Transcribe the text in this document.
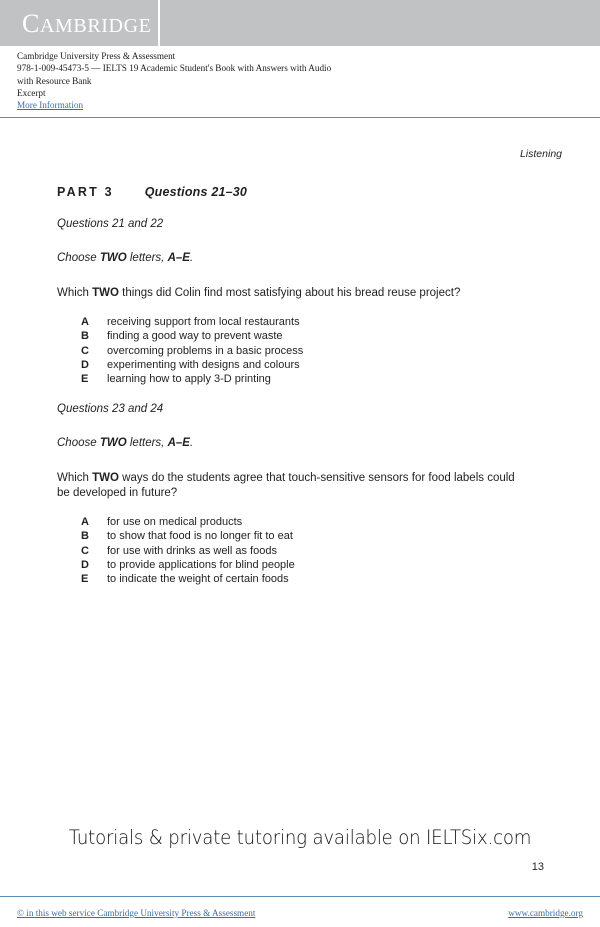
CAMBRIDGE
Cambridge University Press & Assessment
978-1-009-45473-5 — IELTS 19 Academic Student's Book with Answers with Audio
with Resource Bank
Excerpt
More Information
Listening
PART 3 Questions 21–30
Questions 21 and 22
Choose TWO letters, A–E.
Which TWO things did Colin find most satisfying about his bread reuse project?
A	receiving support from local restaurants
B	finding a good way to prevent waste
C	overcoming problems in a basic process
D	experimenting with designs and colours
E	learning how to apply 3-D printing
Questions 23 and 24
Choose TWO letters, A–E.
Which TWO ways do the students agree that touch-sensitive sensors for food labels could be developed in future?
A	for use on medical products
B	to show that food is no longer fit to eat
C	for use with drinks as well as foods
D	to provide applications for blind people
E	to indicate the weight of certain foods
Tutorials & private tutoring available on IELTSix.com
13
© in this web service Cambridge University Press & Assessment	www.cambridge.org
